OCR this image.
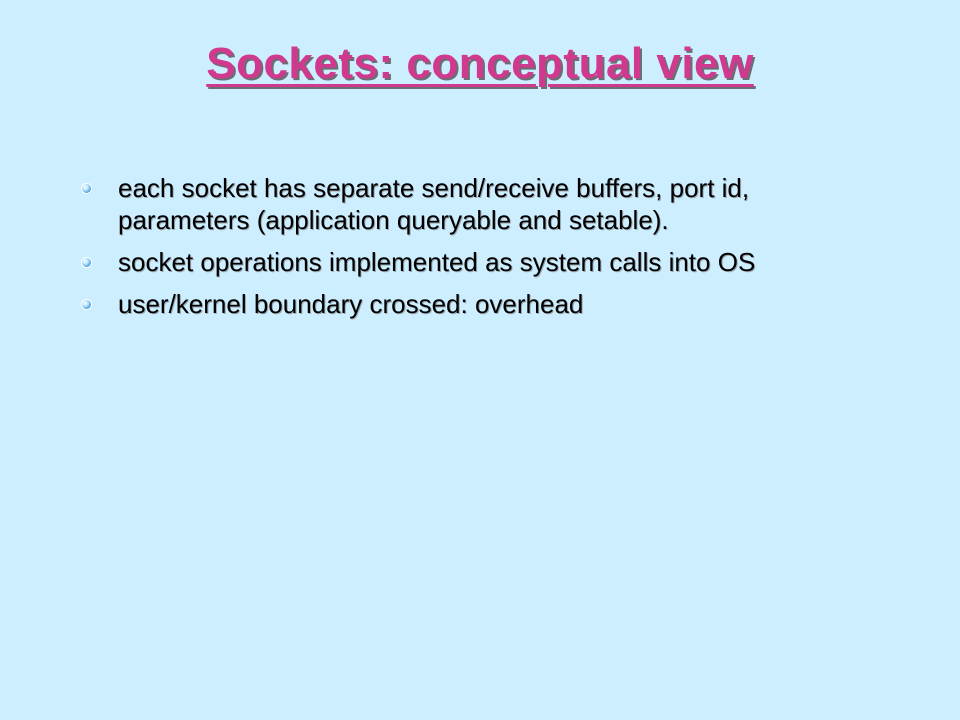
Sockets: conceptual view
each socket has separate send/receive buffers, port id, parameters (application queryable and setable).
socket operations implemented as system calls into OS
user/kernel boundary crossed: overhead
